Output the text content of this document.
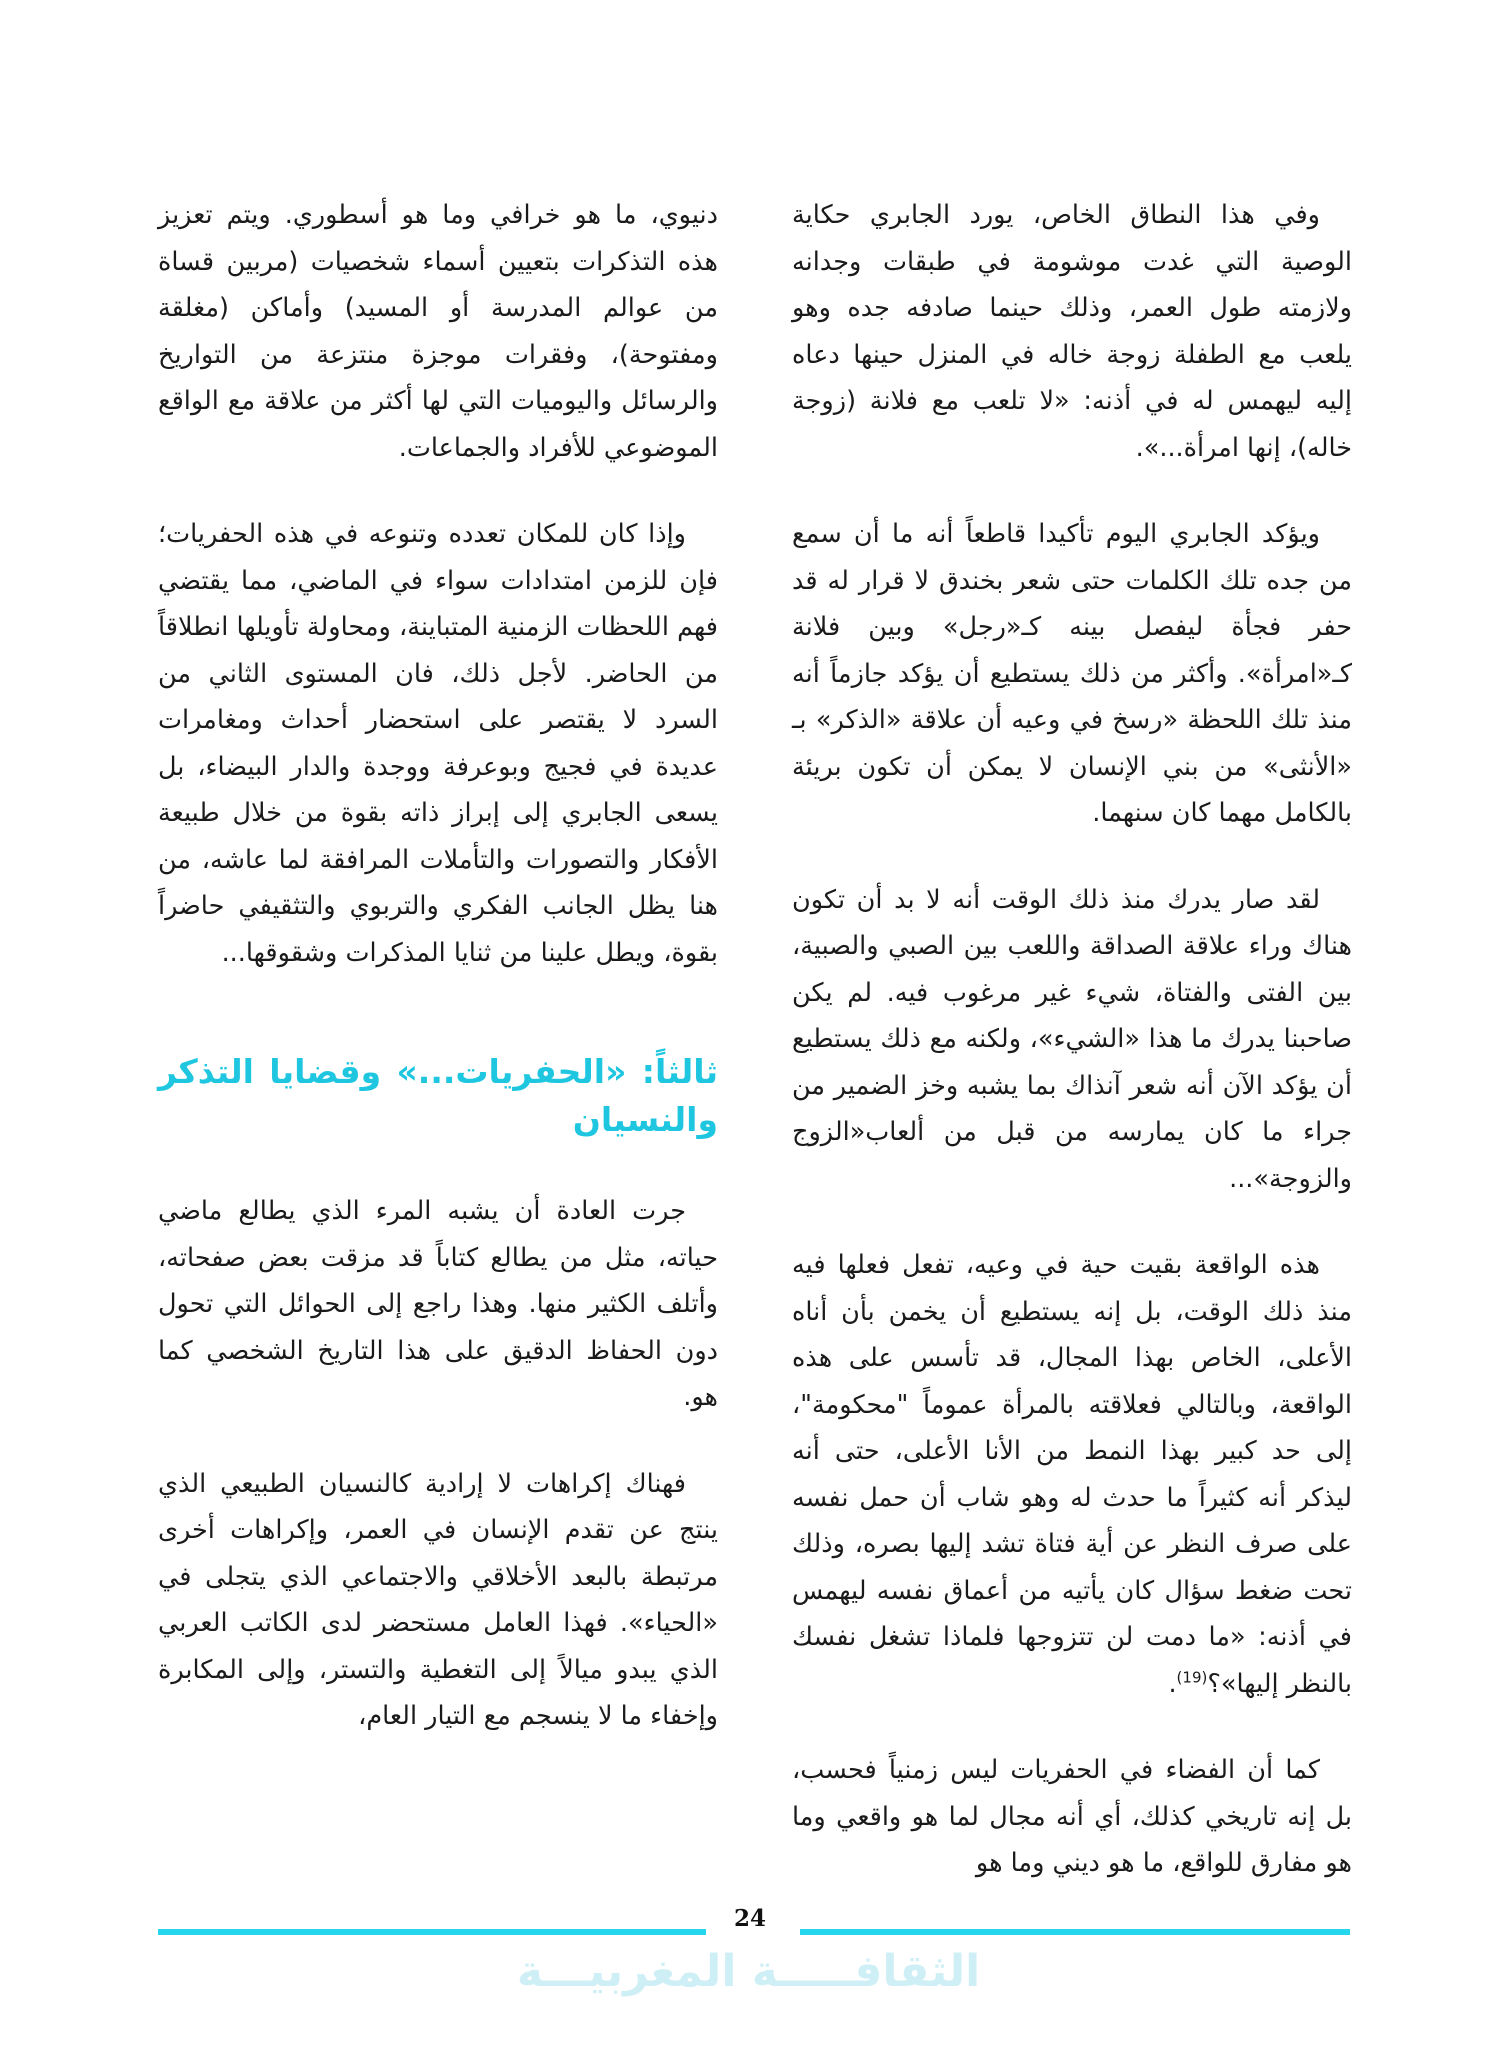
وفي هذا النطاق الخاص، يورد الجابري حكاية الوصية التي غدت موشومة في طبقات وجدانه ولازمته طول العمر، وذلك حينما صادفه جده وهو يلعب مع الطفلة زوجة خاله في المنزل حينها دعاه إليه ليهمس له في أذنه: «لا تلعب مع فلانة (زوجة خاله)، إنها امرأة...».

ويؤكد الجابري اليوم تأكيدا قاطعاً أنه ما أن سمع من جده تلك الكلمات حتى شعر بخندق لا قرار له قد حفر فجأة ليفصل بينه كـ«رجل» وبين فلانة كـ«امرأة». وأكثر من ذلك يستطيع أن يؤكد جازماً أنه منذ تلك اللحظة «رسخ في وعيه أن علاقة «الذكر» بـ «الأنثى» من بني الإنسان لا يمكن أن تكون بريئة بالكامل مهما كان سنهما.

لقد صار يدرك منذ ذلك الوقت أنه لا بد أن تكون هناك وراء علاقة الصداقة واللعب بين الصبي والصبية، بين الفتى والفتاة، شيء غير مرغوب فيه. لم يكن صاحبنا يدرك ما هذا «الشيء»، ولكنه مع ذلك يستطيع أن يؤكد الآن أنه شعر آنذاك بما يشبه وخز الضمير من جراء ما كان يمارسه من قبل من ألعاب«الزوج والزوجة»...

هذه الواقعة بقيت حية في وعيه، تفعل فعلها فيه منذ ذلك الوقت، بل إنه يستطيع أن يخمن بأن أناه الأعلى، الخاص بهذا المجال، قد تأسس على هذه الواقعة، وبالتالي فعلاقته بالمرأة عموماً "محكومة"، إلى حد كبير بهذا النمط من الأنا الأعلى، حتى أنه ليذكر أنه كثيراً ما حدث له وهو شاب أن حمل نفسه على صرف النظر عن أية فتاة تشد إليها بصره، وذلك تحت ضغط سؤال كان يأتيه من أعماق نفسه ليهمس في أذنه: «ما دمت لن تتزوجها فلماذا تشغل نفسك بالنظر إليها»؟$^{(19)}$.

كما أن الفضاء في الحفريات ليس زمنياً فحسب، بل إنه تاريخي كذلك، أي أنه مجال لما هو واقعي وما هو مفارق للواقع، ما هو ديني وما هو

دنيوي، ما هو خرافي وما هو أسطوري. ويتم تعزيز هذه التذكرات بتعيين أسماء شخصيات (مربين قساة من عوالم المدرسة أو المسيد) وأماكن (مغلقة ومفتوحة)، وفقرات موجزة منتزعة من التواريخ والرسائل واليوميات التي لها أكثر من علاقة مع الواقع الموضوعي للأفراد والجماعات.

وإذا كان للمكان تعدده وتنوعه في هذه الحفريات؛ فإن للزمن امتدادات سواء في الماضي، مما يقتضي فهم اللحظات الزمنية المتباينة، ومحاولة تأويلها انطلاقاً من الحاضر. لأجل ذلك، فان المستوى الثاني من السرد لا يقتصر على استحضار أحداث ومغامرات عديدة في فجيج وبوعرفة ووجدة والدار البيضاء، بل يسعى الجابري إلى إبراز ذاته بقوة من خلال طبيعة الأفكار والتصورات والتأملات المرافقة لما عاشه، من هنا يظل الجانب الفكري والتربوي والتثقيفي حاضراً بقوة، ويطل علينا من ثنايا المذكرات وشقوقها...

ثالثاً: «الحفريات...» وقضايا التذكر والنسيان

جرت العادة أن يشبه المرء الذي يطالع ماضي حياته، مثل من يطالع كتاباً قد مزقت بعض صفحاته، وأتلف الكثير منها. وهذا راجع إلى الحوائل التي تحول دون الحفاظ الدقيق على هذا التاريخ الشخصي كما هو.

فهناك إكراهات لا إرادية كالنسيان الطبيعي الذي ينتج عن تقدم الإنسان في العمر، وإكراهات أخرى مرتبطة بالبعد الأخلاقي والاجتماعي الذي يتجلى في «الحياء». فهذا العامل مستحضر لدى الكاتب العربي الذي يبدو ميالاً إلى التغطية والتستر، وإلى المكابرة وإخفاء ما لا ينسجم مع التيار العام،

24
الثقافـــــة المغربيـــة
